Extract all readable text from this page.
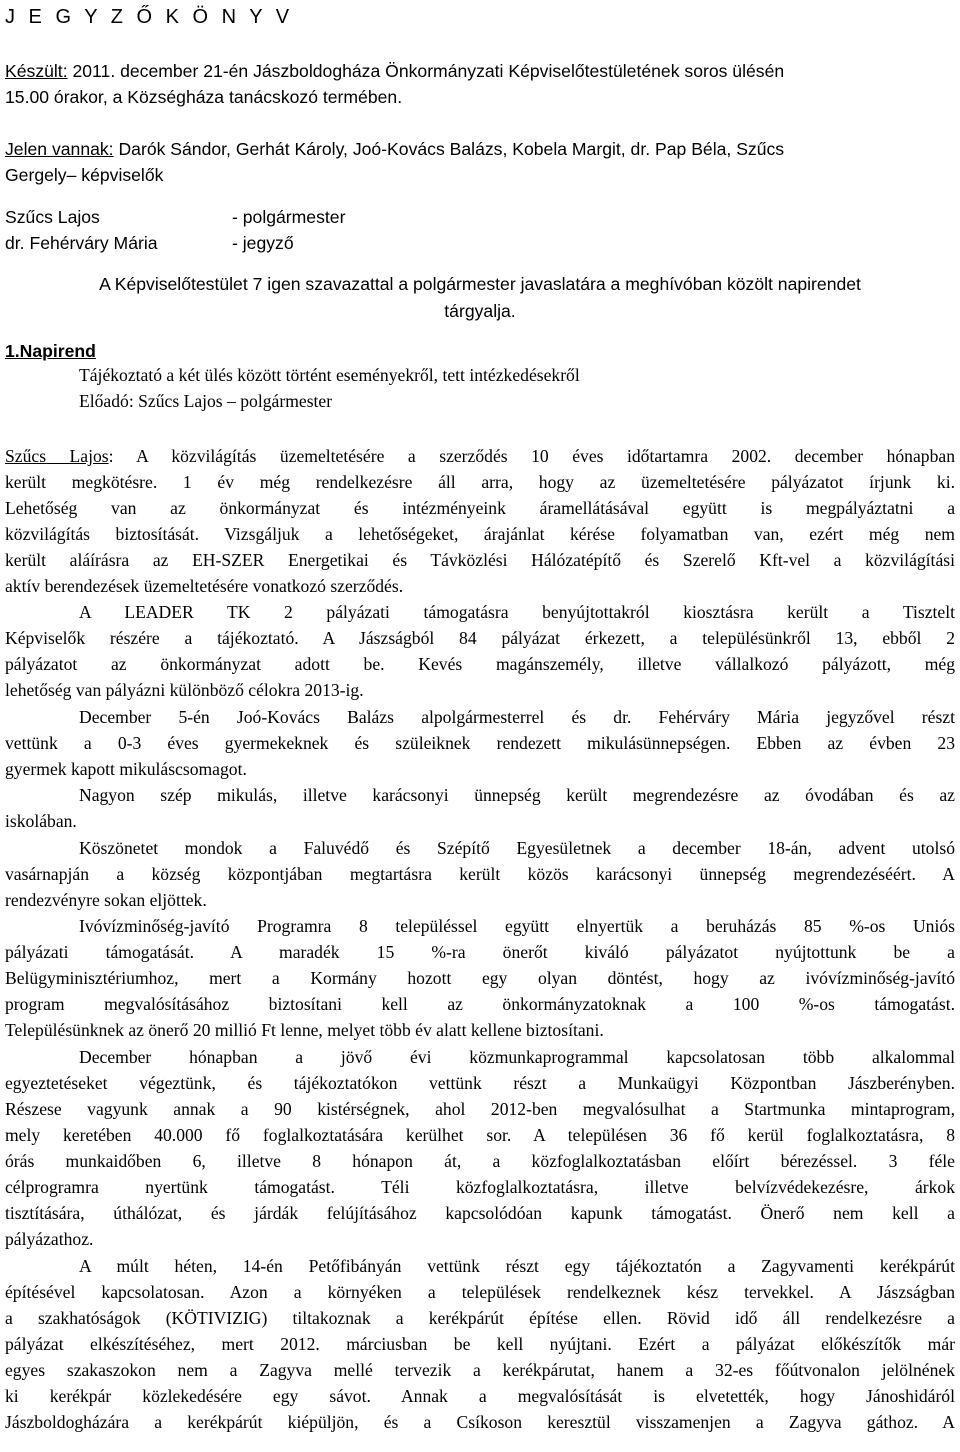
J E G Y Z Ő K Ö N Y V
Készült: 2011. december 21-én Jászboldogháza Önkormányzati Képviselőtestületének soros ülésén
15.00 órakor, a Községháza tanácskozó termében.
Jelen vannak: Darók Sándor, Gerhát Károly, Joó-Kovács Balázs, Kobela Margit, dr. Pap Béla, Szűcs
Gergely– képviselők
Szűcs Lajos	- polgármester
dr. Fehérváry Mária	- jegyző
A Képviselőtestület 7 igen szavazattal a polgármester javaslatára a meghívóban közölt napirendet
tárgyalja.
1.Napirend
Tájékoztató a két ülés között történt eseményekről, tett intézkedésekről
Előadó: Szűcs Lajos – polgármester
Szűcs Lajos: A közvilágítás üzemeltetésére a szerződés 10 éves időtartamra 2002. december hónapban
került megkötésre. 1 év még rendelkezésre áll arra, hogy az üzemeltetésére pályázatot írjunk ki.
Lehetőség van az önkormányzat és intézményeink áramellátásával együtt is megpályáztatni a
közvilágítás biztosítását. Vizsgáljuk a lehetőségeket, árajánlat kérése folyamatban van, ezért még nem
került aláírásra az EH-SZER Energetikai és Távközlési Hálózatépítő és Szerelő Kft-vel a közvilágítási
aktív berendezések üzemeltetésére vonatkozó szerződés.
A LEADER TK 2 pályázati támogatásra benyújtottakról kiosztásra került a Tisztelt
Képviselők részére a tájékoztató. A Jászságból 84 pályázat érkezett, a településünkről 13, ebből 2
pályázatot az önkormányzat adott be. Kevés magánszemély, illetve vállalkozó pályázott, még
lehetőség van pályázni különböző célokra 2013-ig.
December 5-én Joó-Kovács Balázs alpolgármesterrel és dr. Fehérváry Mária jegyzővel részt
vettünk a 0-3 éves gyermekeknek és szüleiknek rendezett mikulásünnepségen. Ebben az évben 23
gyermek kapott mikuláscsomagot.
Nagyon szép mikulás, illetve karácsonyi ünnepség került megrendezésre az óvodában és az
iskolában.
Köszönetet mondok a Faluvédő és Szépítő Egyesületnek a december 18-án, advent utolsó
vasárnapján a község központjában megtartásra került közös karácsonyi ünnepség megrendezéséért. A
rendezvényre sokan eljöttek.
Ivóvízminőség-javító Programra 8 településsel együtt elnyertük a beruházás 85 %-os Uniós
pályázati támogatását. A maradék 15 %-ra önerőt kiváló pályázatot nyújtottunk be a
Belügyminisztériumhoz, mert a Kormány hozott egy olyan döntést, hogy az ivóvízminőség-javító
program megvalósításához biztosítani kell az önkormányzatoknak a 100 %-os támogatást.
Településünknek az önerő 20 millió Ft lenne, melyet több év alatt kellene biztosítani.
December hónapban a jövő évi közmunkaprogrammal kapcsolatosan több alkalommal
egyeztetéseket végeztünk, és tájékoztatókon vettünk részt a Munkaügyi Központban Jászberényben.
Részese vagyunk annak a 90 kistérségnek, ahol 2012-ben megvalósulhat a Startmunka mintaprogram,
mely keretében 40.000 fő foglalkoztatására kerülhet sor. A településen 36 fő kerül foglalkoztatásra, 8
órás munkaidőben 6, illetve 8 hónapon át, a közfoglalkoztatásban előírt bérezéssel. 3 féle
célprogramra nyertünk támogatást. Téli közfoglalkoztatásra, illetve belvízvédekezésre, árkok
tisztítására, úthálózat, és járdák felújításához kapcsolódóan kapunk támogatást. Önerő nem kell a
pályázathoz.
A múlt héten, 14-én Petőfibányán vettünk részt egy tájékoztatón a Zagyvamenti kerékpárút
építésével kapcsolatosan. Azon a környéken a települések rendelkeznek kész tervekkel. A Jászságban
a szakhatóságok (KÖTIVIZIG) tiltakoznak a kerékpárút építése ellen. Rövid idő áll rendelkezésre a
pályázat elkészítéséhez, mert 2012. márciusban be kell nyújtani. Ezért a pályázat előkészítők már
egyes szakaszokon nem a Zagyva mellé tervezik a kerékpárutat, hanem a 32-es főútvonalon jelölnének
ki kerékpár közlekedésére egy sávot. Annak a megvalósítását is elvetették, hogy Jánoshidáról
Jászboldogházára a kerékpárút kiépüljön, és a Csíkoson keresztül visszamenjen a Zagyva gáthoz. A
